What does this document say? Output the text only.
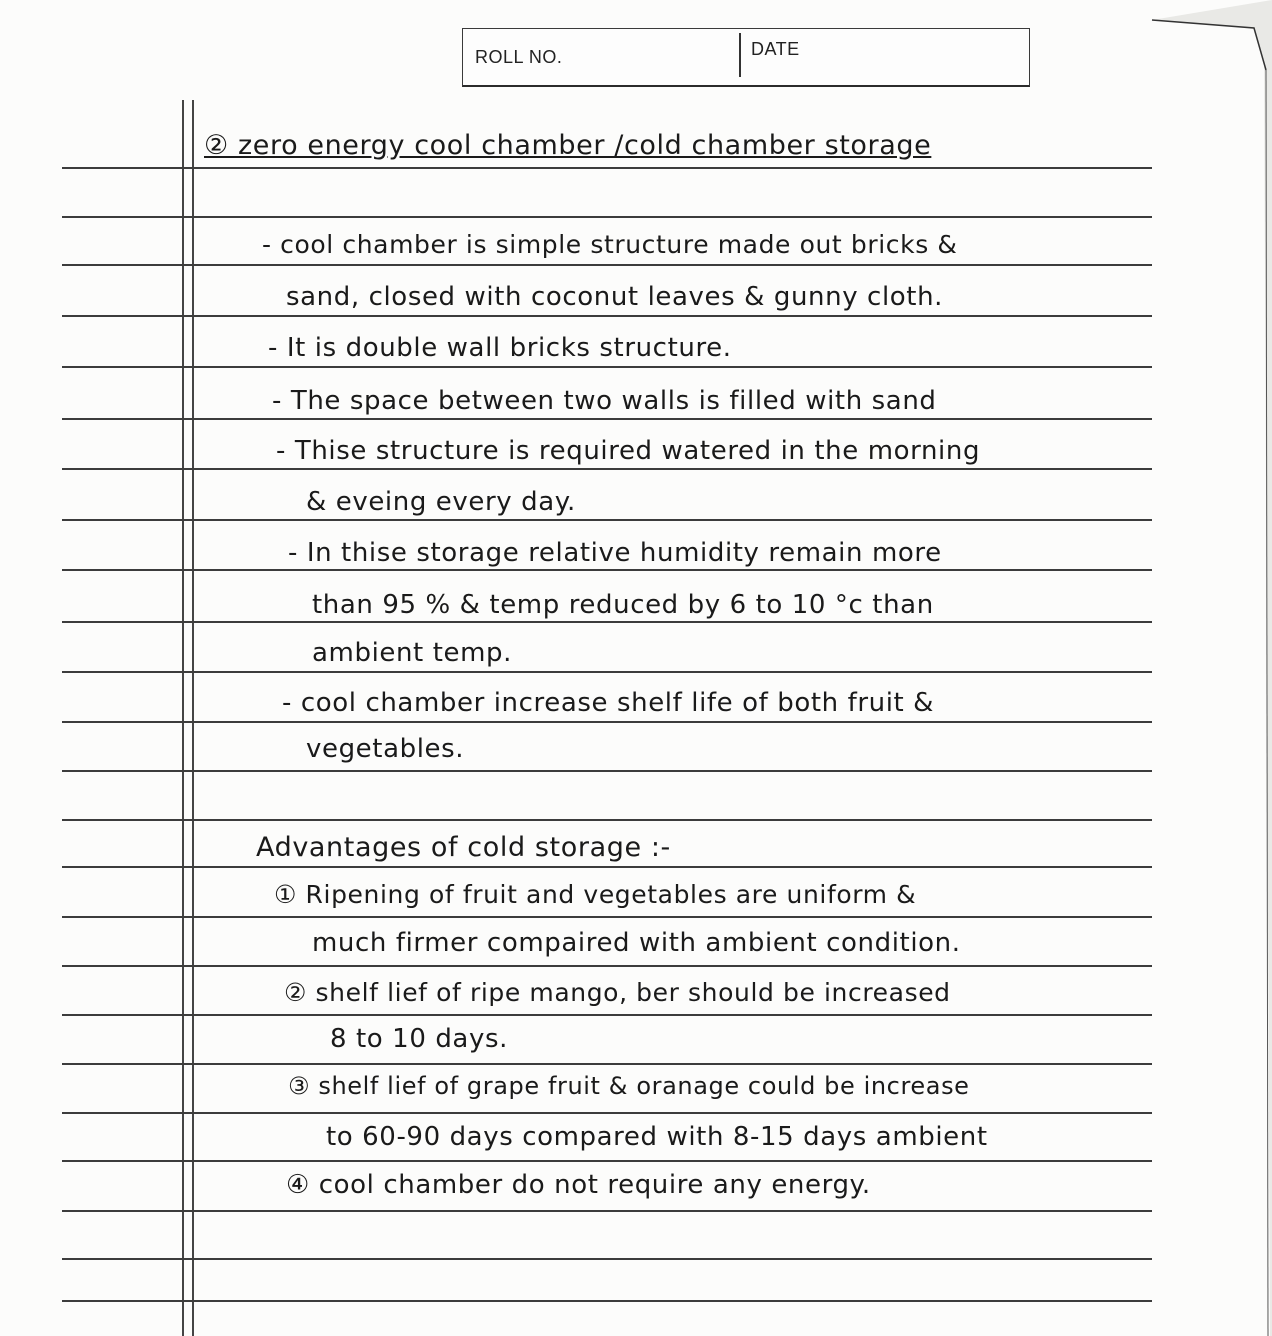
ROLL NO.	DATE
② zero energy cool chamber /cold chamber storage
- cool chamber is simple structure made out bricks &
sand, closed with coconut leaves & gunny cloth.
- It is double wall bricks structure.
- The space between two walls is filled with sand
- Thise structure is required watered in the morning
& eveing every day.
- In thise storage relative humidity remain more
than 95 % & temp reduced by 6 to 10 °c than
ambient temp.
- cool chamber increase shelf life of both fruit &
vegetables.
Advantages of cold storage :-
① Ripening of fruit and vegetables are uniform &
much firmer compaired with ambient condition.
② shelf lief of ripe mango, ber should be increased
8 to 10 days.
③ shelf lief of grape fruit & oranage could be increase
to 60-90 days compared with 8-15 days ambient
④ cool chamber do not require any energy.
